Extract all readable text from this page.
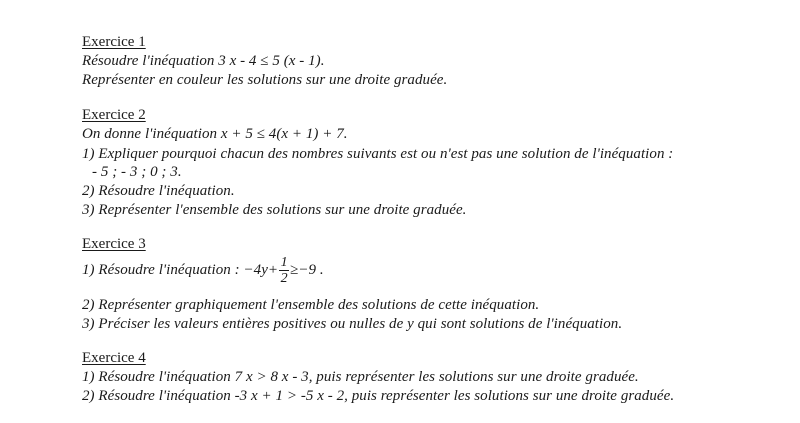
Exercice 1
Résoudre l'inéquation 3 x - 4 ≤ 5 (x - 1).
Représenter en couleur les solutions sur une droite graduée.
Exercice 2
On donne l'inéquation x + 5 ≤ 4(x + 1) + 7.
1) Expliquer pourquoi chacun des nombres suivants est ou n'est pas une solution de l'inéquation :
- 5 ; - 3 ; 0 ; 3.
2) Résoudre l'inéquation.
3) Représenter l'ensemble des solutions sur une droite graduée.
Exercice 3
1) Résoudre l'inéquation : $-4y+ \frac{1}{2} \ge-9$ .
2) Représenter graphiquement l'ensemble des solutions de cette inéquation.
3) Préciser les valeurs entières positives ou nulles de y qui sont solutions de l'inéquation.
Exercice 4
1) Résoudre l'inéquation 7 x > 8 x - 3, puis représenter les solutions sur une droite graduée.
2) Résoudre l'inéquation -3 x + 1 > -5 x - 2, puis représenter les solutions sur une droite graduée.
